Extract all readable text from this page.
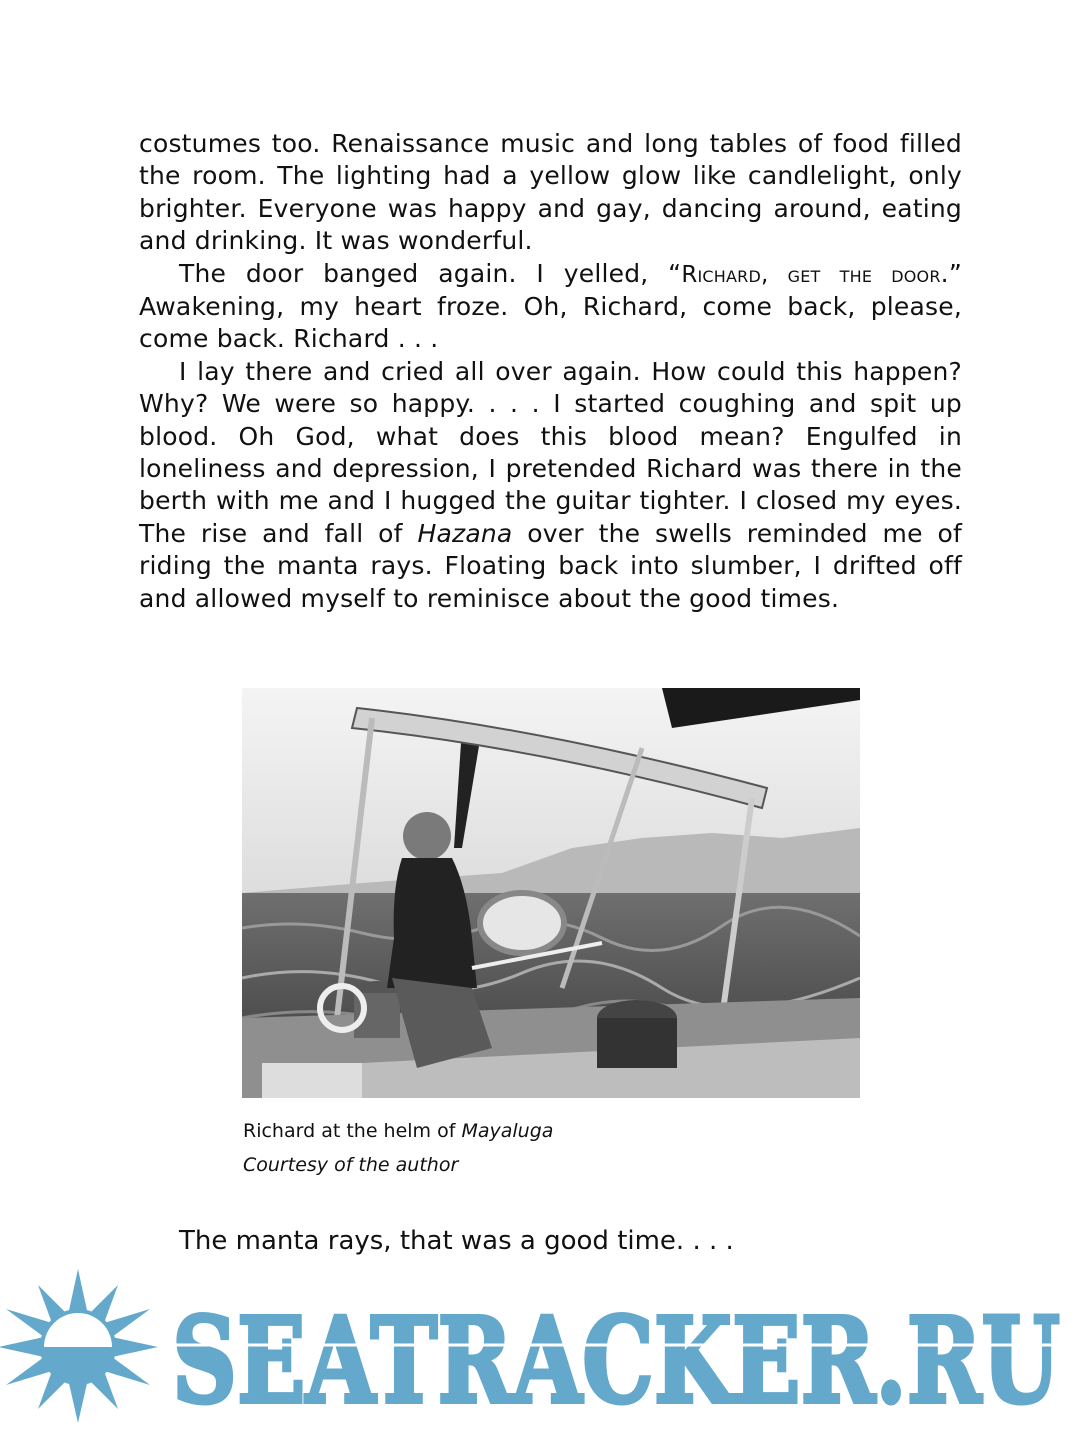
costumes too. Renaissance music and long tables of food filled the room. The lighting had a yellow glow like candlelight, only brighter. Everyone was happy and gay, dancing around, eating and drinking. It was wonderful.

The door banged again. I yelled, “Richard, get the door.” Awakening, my heart froze. Oh, Richard, come back, please, come back. Richard . . .

I lay there and cried all over again. How could this happen? Why? We were so happy. . . . I started coughing and spit up blood. Oh God, what does this blood mean? Engulfed in loneliness and depression, I pretended Richard was there in the berth with me and I hugged the guitar tighter. I closed my eyes. The rise and fall of Hazana over the swells reminded me of riding the manta rays. Floating back into slumber, I drifted off and allowed myself to reminisce about the good times.

Richard at the helm of Mayaluga
Courtesy of the author
The manta rays, that was a good time. . . .
SEATRACKER.RU
